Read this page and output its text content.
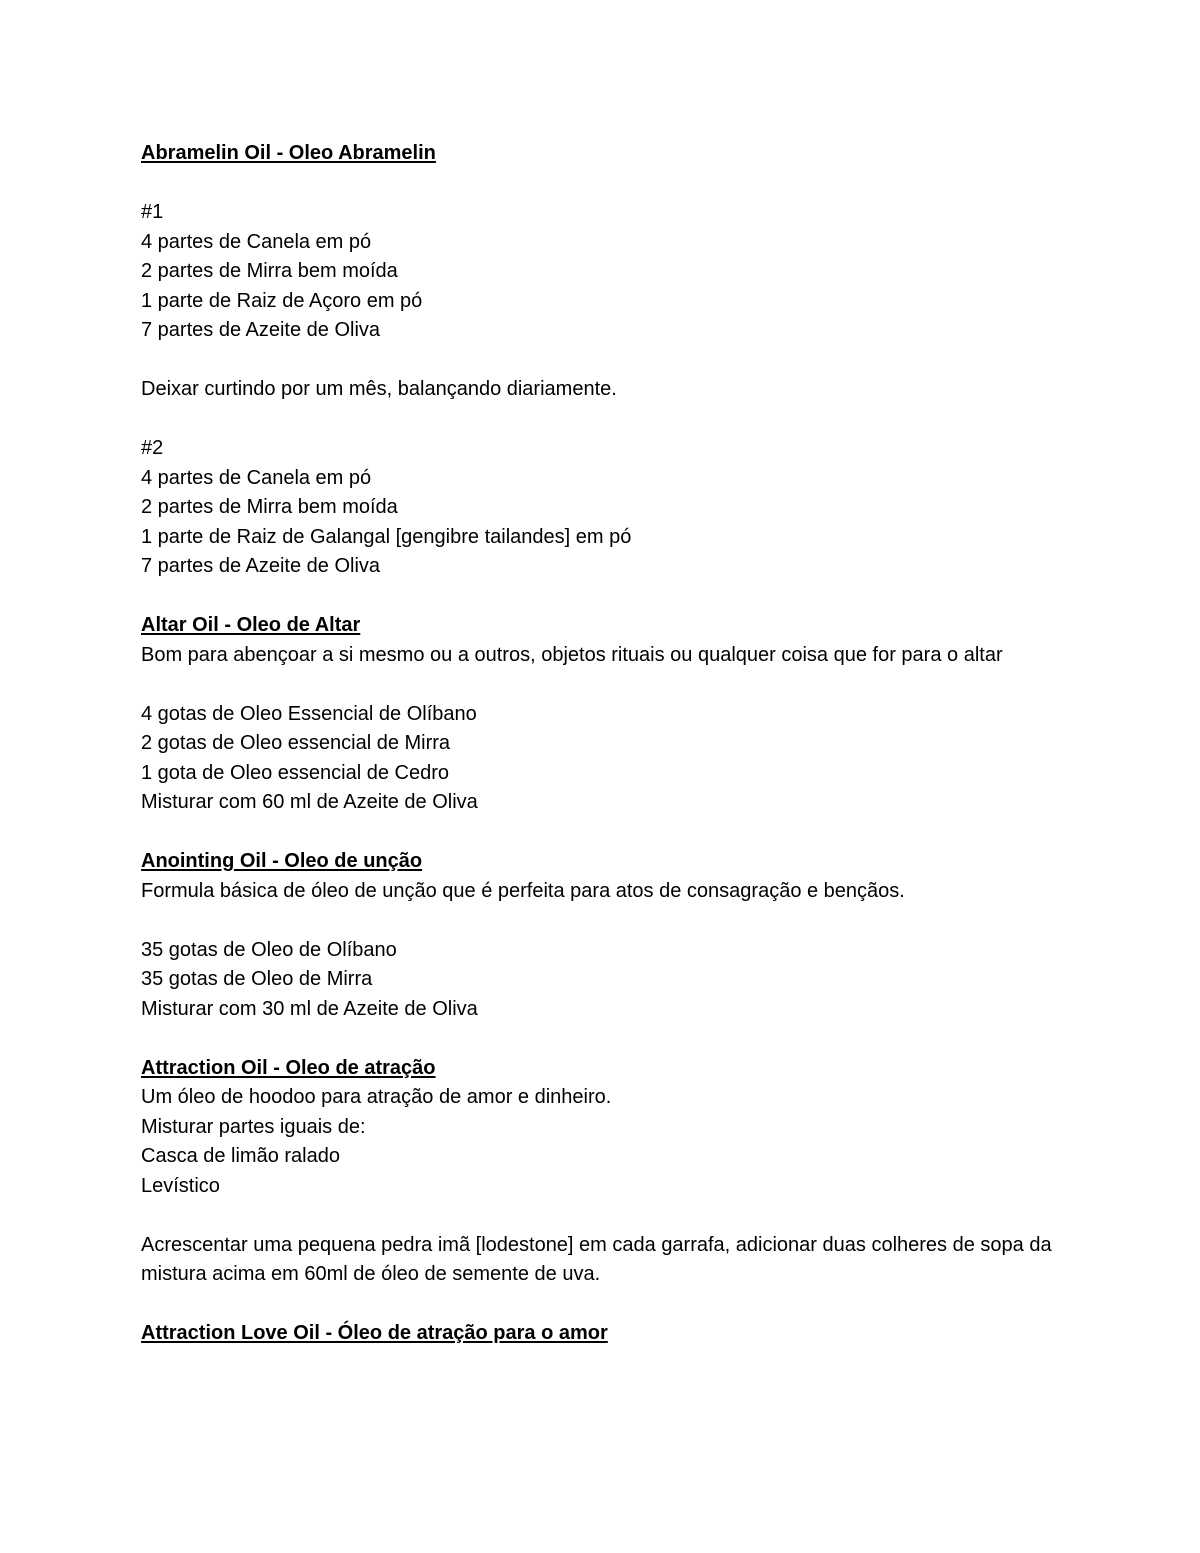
Abramelin Oil - Oleo Abramelin
#1
4 partes de Canela em pó
2 partes de Mirra bem moída
1 parte de Raiz de Açoro em pó
7 partes de Azeite de Oliva
Deixar curtindo por um mês, balançando diariamente.
#2
4 partes de Canela em pó
2 partes de Mirra bem moída
1 parte de Raiz de Galangal [gengibre tailandes] em pó
7 partes de Azeite de Oliva
Altar Oil - Oleo de Altar
Bom para abençoar a si mesmo ou a outros, objetos rituais ou qualquer coisa que for para o altar
4 gotas de Oleo Essencial de Olíbano
2 gotas de Oleo essencial de Mirra
1 gota de Oleo essencial de Cedro
Misturar com 60 ml de Azeite de Oliva
Anointing Oil - Oleo de unção
Formula básica de óleo de unção que é perfeita para atos de consagração e bençãos.
35 gotas de Oleo de Olíbano
35 gotas de Oleo de Mirra
Misturar com 30 ml de Azeite de Oliva
Attraction Oil - Oleo de atração
Um óleo de hoodoo para atração de amor e dinheiro.
Misturar partes iguais de:
Casca de limão ralado
Levístico
Acrescentar uma pequena pedra imã [lodestone] em cada garrafa, adicionar duas colheres de sopa da mistura acima em 60ml de óleo de semente de uva.
Attraction Love Oil - Óleo de atração para o amor
